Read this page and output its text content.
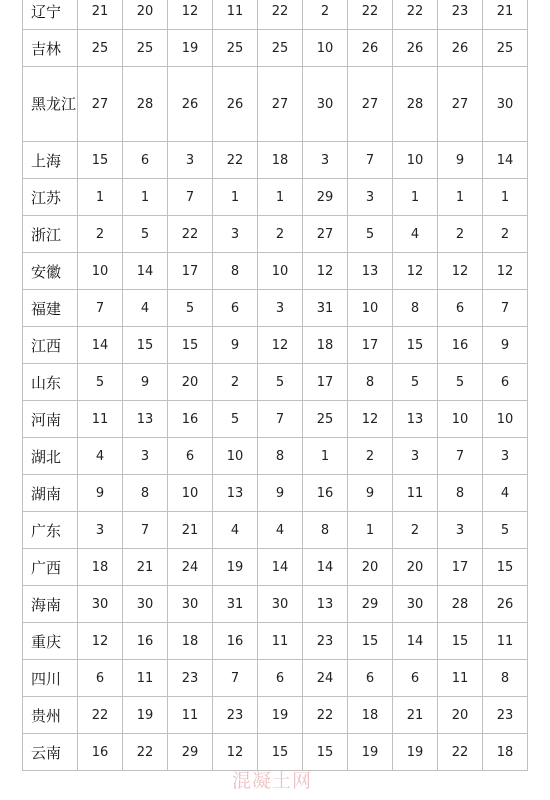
辽宁	21	20	12	11	22	2	22	22	23	21
吉林	25	25	19	25	25	10	26	26	26	25
黑龙江	27	28	26	26	27	30	27	28	27	30
上海	15	6	3	22	18	3	7	10	9	14
江苏	1	1	7	1	1	29	3	1	1	1
浙江	2	5	22	3	2	27	5	4	2	2
安徽	10	14	17	8	10	12	13	12	12	12
福建	7	4	5	6	3	31	10	8	6	7
江西	14	15	15	9	12	18	17	15	16	9
山东	5	9	20	2	5	17	8	5	5	6
河南	11	13	16	5	7	25	12	13	10	10
湖北	4	3	6	10	8	1	2	3	7	3
湖南	9	8	10	13	9	16	9	11	8	4
广东	3	7	21	4	4	8	1	2	3	5
广西	18	21	24	19	14	14	20	20	17	15
海南	30	30	30	31	30	13	29	30	28	26
重庆	12	16	18	16	11	23	15	14	15	11
四川	6	11	23	7	6	24	6	6	11	8
贵州	22	19	11	23	19	22	18	21	20	23
云南	16	22	29	12	15	15	19	19	22	18
混凝土网
